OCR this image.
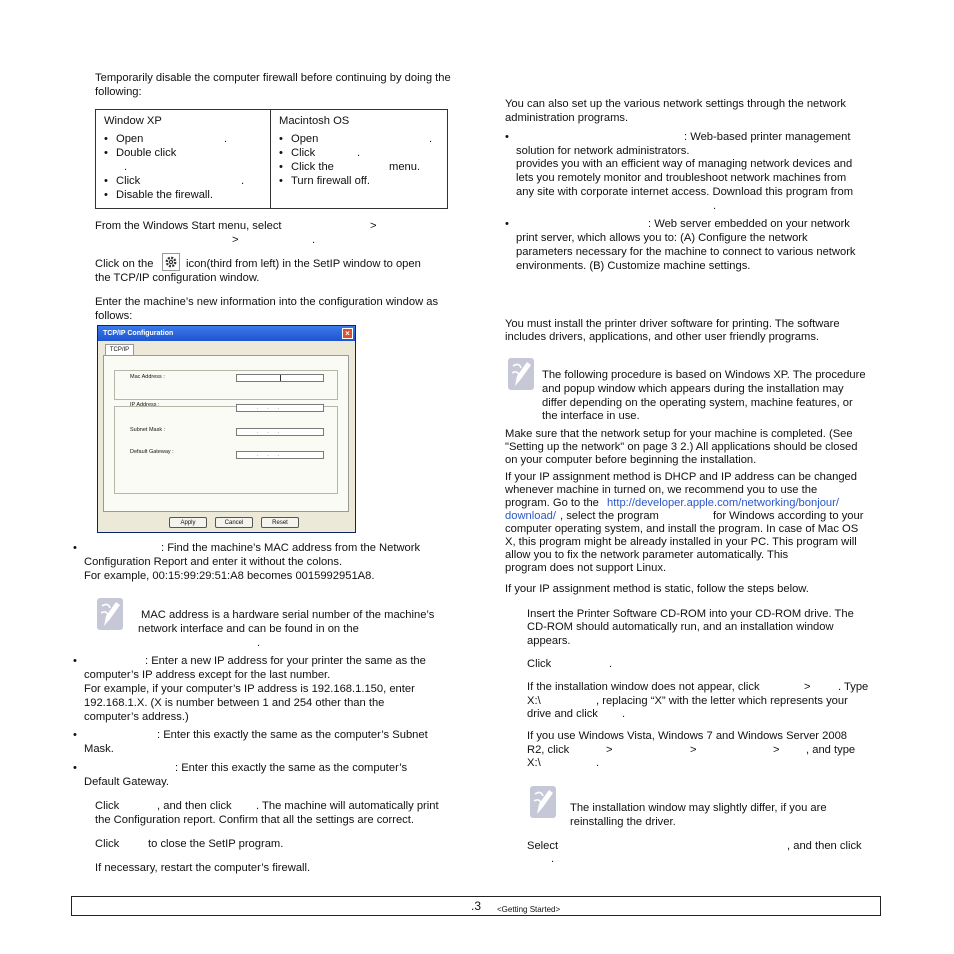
Temporarily disable the computer firewall before continuing by doing the following:
Window XP
• Open	.
• Double click
.
• Click	.
• Disable the firewall.

Macintosh OS
• Open	.
• Click	.
• Click the	menu.
• Turn firewall off.
From the Windows Start menu, select	>
>	.
Click on the	icon(third from left) in the SetIP window to open
the TCP/IP configuration window.
Enter the machine’s new information into the configuration window as follows:
TCP/IP Configuration	×
TCP/IP
Mac Address :
IP Address :	...
Subnet Mask :	...
Default Gateway :	...
Apply	Cancel	Reset
: Find the machine’s MAC address from the Network
Configuration Report and enter it without the colons.
For example, 00:15:99:29:51:A8 becomes 0015992951A8.
MAC address is a hardware serial number of the machine’s
network interface and can be found in on the
.
: Enter a new IP address for your printer the same as the
computer’s IP address except for the last number.
For example, if your computer’s IP address is 192.168.1.150, enter
192.168.1.X. (X is number between 1 and 254 other than the
computer’s address.)
: Enter this exactly the same as the computer’s Subnet
Mask.
: Enter this exactly the same as the computer’s
Default Gateway.
Click	, and then click . The machine will automatically print
the Configuration report. Confirm that all the settings are correct.
Click	to close the SetIP program.
If necessary, restart the computer’s firewall.
You can also set up the various network settings through the network administration programs.
: Web-based printer management
solution for network administrators.
provides you with an efficient way of managing network devices and
lets you remotely monitor and troubleshoot network machines from
any site with corporate internet access. Download this program from
.
: Web server embedded on your network
print server, which allows you to: (A) Configure the network
parameters necessary for the machine to connect to various network
environments. (B) Customize machine settings.
You must install the printer driver software for printing. The software
includes drivers, applications, and other user friendly programs.
The following procedure is based on Windows XP. The procedure
and popup window which appears during the installation may
differ depending on the operating system, machine features, or
the interface in use.
Make sure that the network setup for your machine is completed. (See
"Setting up the network" on page 3 2.) All applications should be closed
on your computer before beginning the installation.
If your IP assignment method is DHCP and IP address can be changed
whenever machine in turned on, we recommend you to use the
program. Go to the http://developer.apple.com/networking/bonjour/
download/ , select the program	for Windows according to your
computer operating system, and install the program. In case of Mac OS
X, this program might be already installed in your PC. This program will
allow you to fix the network parameter automatically. This
program does not support Linux.
If your IP assignment method is static, follow the steps below.
Insert the Printer Software CD-ROM into your CD-ROM drive. The
CD-ROM should automatically run, and an installation window
appears.
Click	.
If the installation window does not appear, click	> . Type
X:\	, replacing “X” with the letter which represents your
drive and click .
If you use Windows Vista, Windows 7 and Windows Server 2008
R2, click	>	>	> , and type
X:\	.
The installation window may slightly differ, if you are
reinstalling the driver.
Select	, and then click
.
.3 <Getting Started>
